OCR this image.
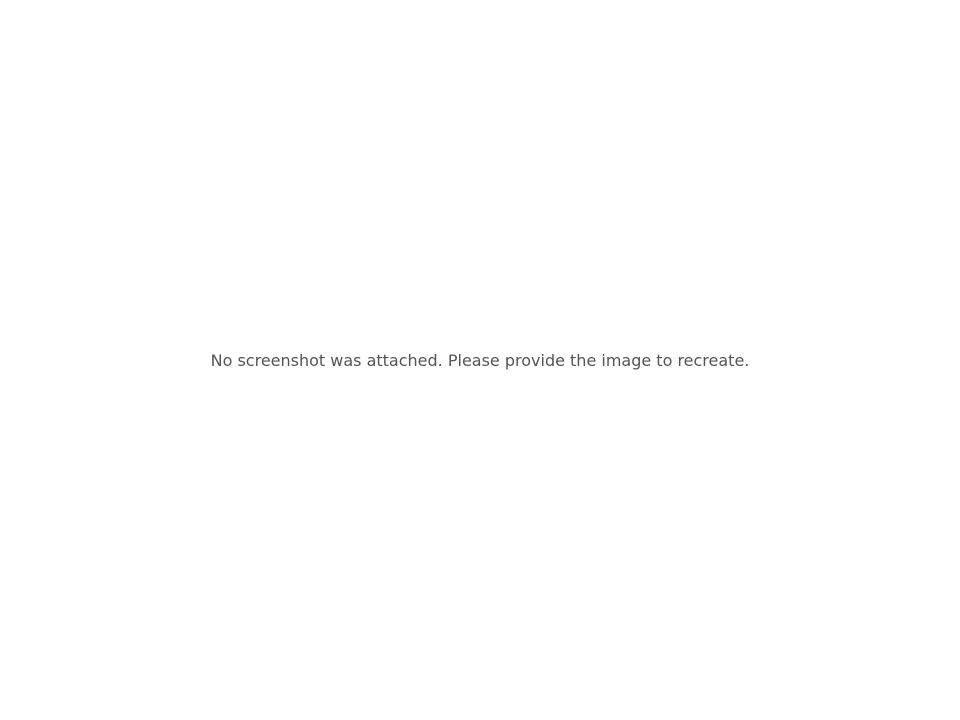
No screenshot was attached. Please provide the image to recreate.
